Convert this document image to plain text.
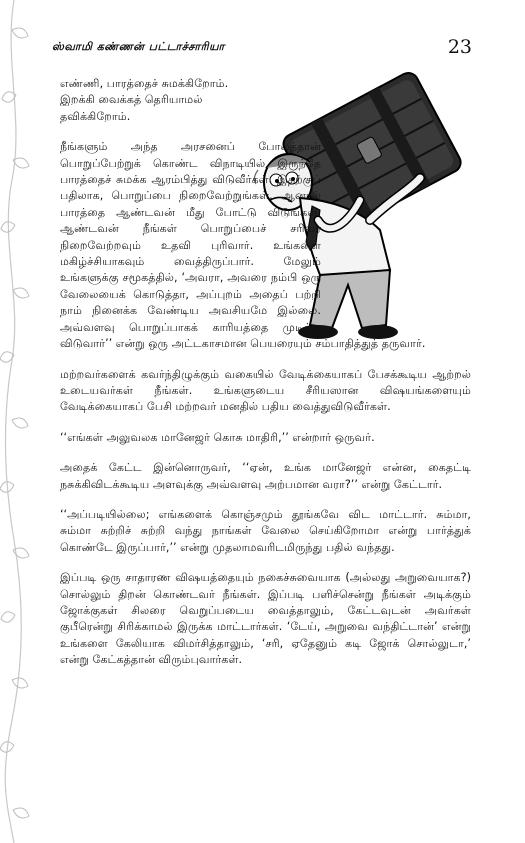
ஸ்வாமி கண்ணன் பட்டாச்சாரியா	23

எண்ணி, பாரத்தைச் சுமக்கிறோம். இறக்கி வைக்கத் தெரியாமல் தவிக்கிறோம்.

நீங்களும் அந்த அரசனைப் போலத்தான் பொறுப்பேற்றுக் கொண்ட விநாடியில் இருந்தே பாரத்தைச் சுமக்க ஆரம்பித்து விடுவீர்கள். இதற்குப் பதிலாக, பொறுப்பை நிறைவேற்றுங்கள். ஆனால் பாரத்தை ஆண்டவன் மீது போட்டு விடுங்கள். ஆண்டவன் நீங்கள் பொறுப்பைச் சரிவர நிறைவேற்றவும் உதவி புரிவார். உங்களை மகிழ்ச்சியாகவும் வைத்திருப்பார். மேலும் உங்களுக்கு சமூகத்தில், ‘அவரா, அவரை நம்பி ஒரு வேலையைக் கொடுத்தா, அப்புறம் அதைப் பற்றி நாம் நினைக்க வேண்டிய அவசியமே இல்லை. அவ்வளவு பொறுப்பாகக் காரியத்தை முடித்து விடுவார்’’ என்று ஒரு அட்டகாசமான பெயரையும் சம்பாதித்துத் தருவார்.

மற்றவர்களைக் கவர்ந்திழுக்கும் வகையில் வேடிக்கையாகப் பேசக்கூடிய ஆற்றல் உடையவர்கள் நீங்கள். உங்களுடைய சீரியஸான விஷயங்களையும் வேடிக்கையாகப் பேசி மற்றவர் மனதில் பதிய வைத்துவிடுவீர்கள்.

‘‘எங்கள் அலுவலக மானேஜர் கொசு மாதிரி,’’ என்றார் ஒருவர்.

அதைக் கேட்ட இன்னொருவர், ‘‘ஏன், உங்க மானேஜர் என்ன, கைதட்டி நசுக்கிவிடக்கூடிய அளவுக்கு அவ்வளவு அற்பமான வரா?’’ என்று கேட்டார்.

‘‘அப்படியில்லை; எங்களைக் கொஞ்சமும் தூங்கவே விட மாட்டார். சும்மா, சும்மா சுற்றிச் சுற்றி வந்து நாங்கள் வேலை செய்கிறோமா என்று பார்த்துக் கொண்டே இருப்பார்,’’ என்று முதலாமவரிடமிருந்து பதில் வந்தது.

இப்படி ஒரு சாதாரண விஷயத்தையும் நகைச்சுவையாக (அல்லது அறுவையாக?) சொல்லும் திறன் கொண்டவர் நீங்கள். இப்படி பளிச்சென்று நீங்கள் அடிக்கும் ஜோக்குகள் சிலரை வெறுப்படைய வைத்தாலும், கேட்டவுடன் அவர்கள் குபீரென்று சிரிக்காமல் இருக்க மாட்டார்கள். ‘டேய், அறுவை வந்திட்டான்’ என்று உங்களை கேலியாக விமர்சித்தாலும், ‘சரி, ஏதேனும் கடி ஜோக் சொல்லுடா,’ என்று கேட்கத்தான் விரும்புவார்கள்.
